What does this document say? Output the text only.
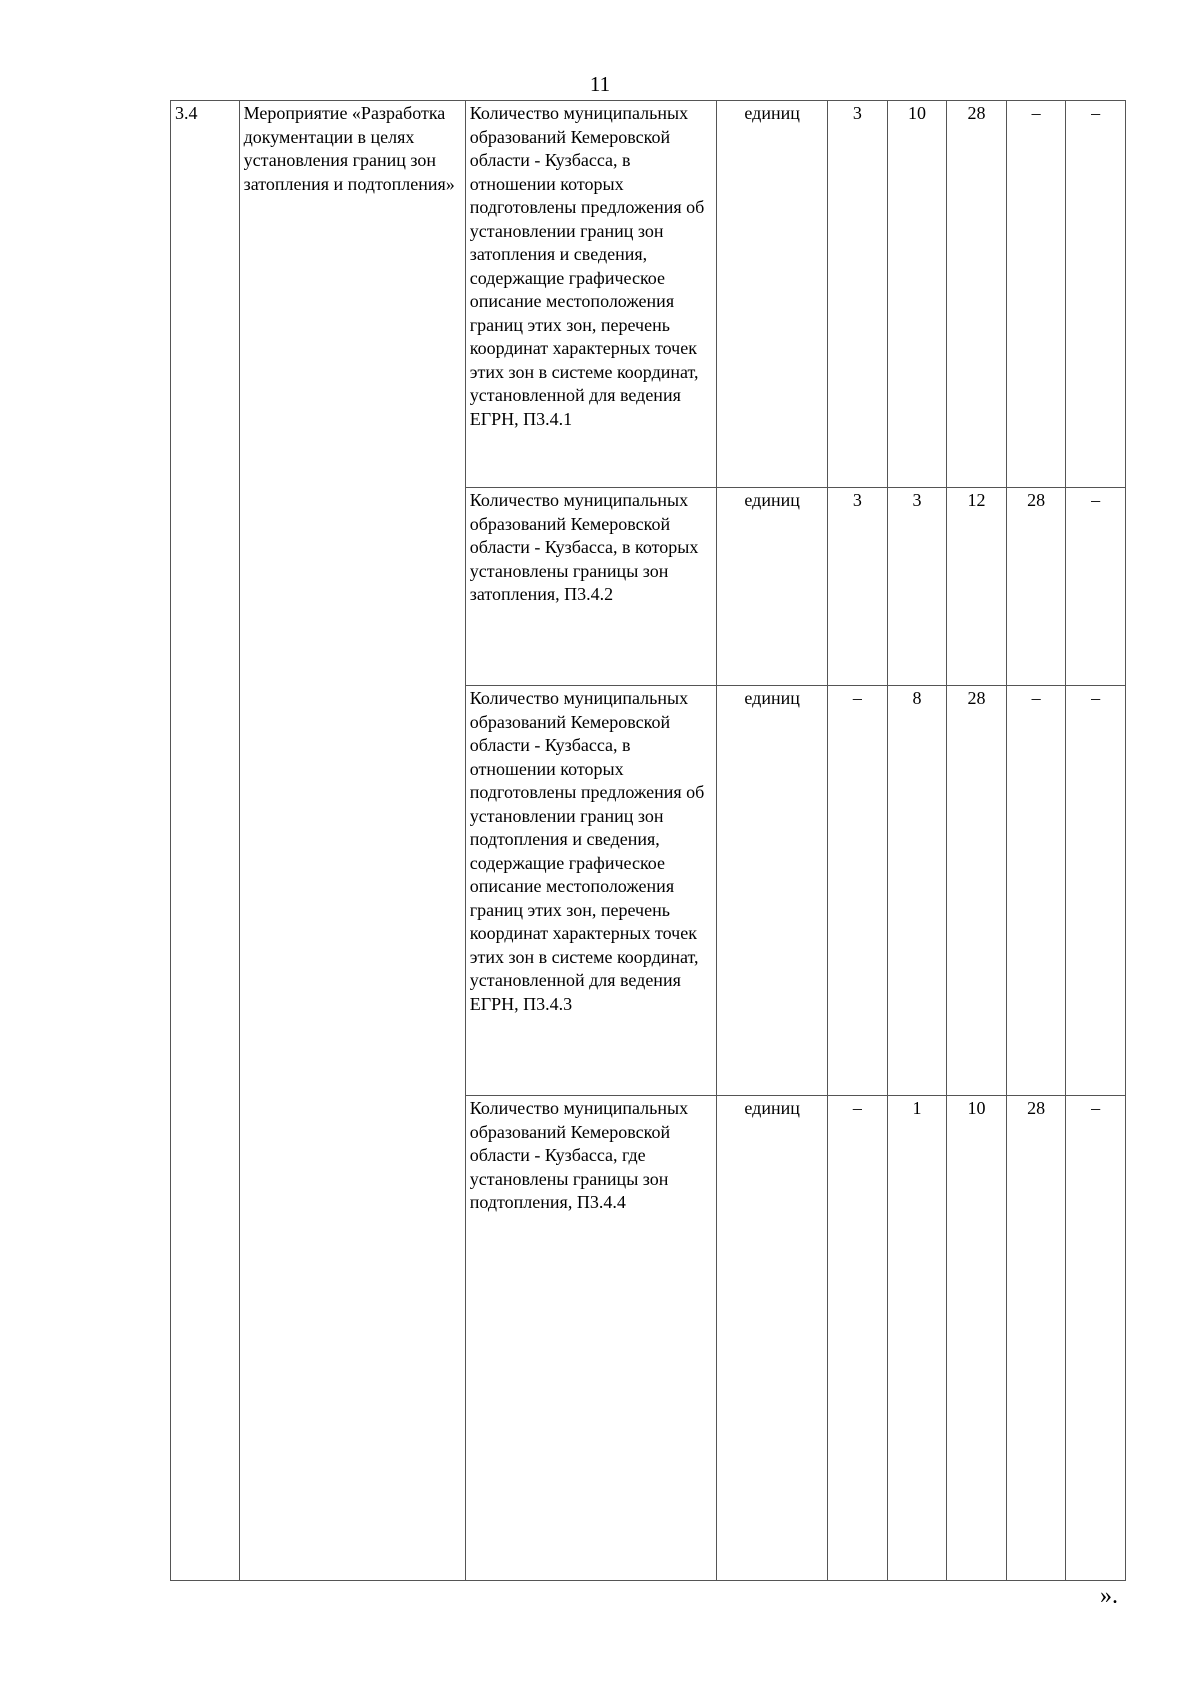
11
3.4	Мероприятие «Разработка документации в целях установления границ зон затопления и подтопления»	Количество муниципальных образований Кемеровской области - Кузбасса, в отношении которых подготовлены предложения об установлении границ зон затопления и сведения, содержащие графическое описание местоположения границ этих зон, перечень координат характерных точек этих зон в системе координат, установленной для ведения ЕГРН, П3.4.1	единиц	3	10	28	–	–
		Количество муниципальных образований Кемеровской области - Кузбасса, в которых установлены границы зон затопления, П3.4.2	единиц	3	3	12	28	–
		Количество муниципальных образований Кемеровской области - Кузбасса, в отношении которых подготовлены предложения об установлении границ зон подтопления и сведения, содержащие графическое описание местоположения границ этих зон, перечень координат характерных точек этих зон в системе координат, установленной для ведения ЕГРН, П3.4.3	единиц	–	8	28	–	–
		Количество муниципальных образований Кемеровской области - Кузбасса, где установлены границы зон подтопления, П3.4.4	единиц	–	1	10	28	–
».
